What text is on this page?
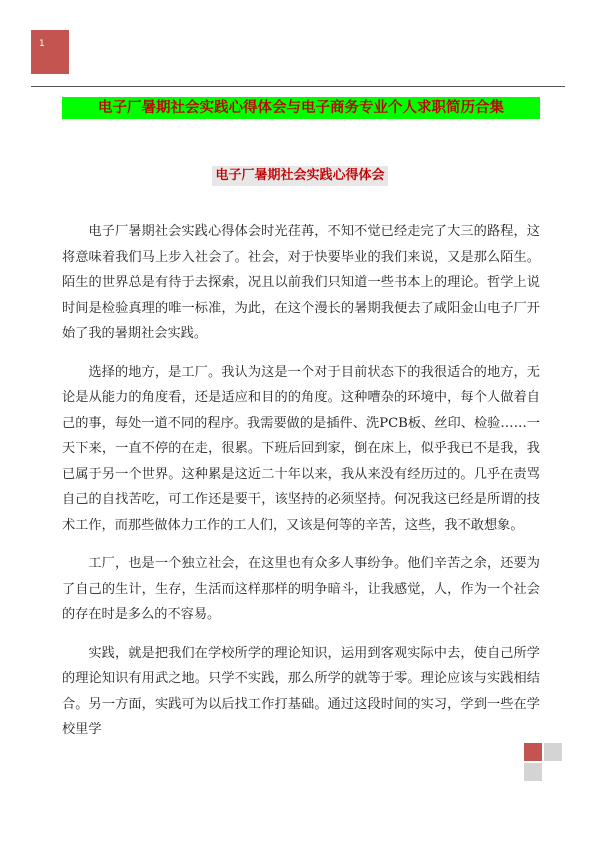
1
电子厂暑期社会实践心得体会与电子商务专业个人求职简历合集
电子厂暑期社会实践心得体会

电子厂暑期社会实践心得体会时光荏苒，不知不觉已经走完了大三的路程，这将意味着我们马上步入社会了。社会，对于快要毕业的我们来说，又是那么陌生。陌生的世界总是有待于去探索，况且以前我们只知道一些书本上的理论。哲学上说时间是检验真理的唯一标准，为此，在这个漫长的暑期我便去了咸阳金山电子厂开始了我的暑期社会实践。

选择的地方，是工厂。我认为这是一个对于目前状态下的我很适合的地方，无论是从能力的角度看，还是适应和目的的角度。这种嘈杂的环境中，每个人做着自己的事，每处一道不同的程序。我需要做的是插件、洗PCB板、丝印、检验……一天下来，一直不停的在走，很累。下班后回到家，倒在床上，似乎我已不是我，我已属于另一个世界。这种累是这近二十年以来，我从来没有经历过的。几乎在责骂自己的自找苦吃，可工作还是要干，该坚持的必须坚持。何况我这已经是所谓的技术工作，而那些做体力工作的工人们，又该是何等的辛苦，这些，我不敢想象。

工厂，也是一个独立社会，在这里也有众多人事纷争。他们辛苦之余，还要为了自己的生计，生存，生活而这样那样的明争暗斗，让我感觉，人，作为一个社会的存在时是多么的不容易。

实践，就是把我们在学校所学的理论知识，运用到客观实际中去，使自己所学的理论知识有用武之地。只学不实践，那么所学的就等于零。理论应该与实践相结合。另一方面，实践可为以后找工作打基础。通过这段时间的实习，学到一些在学校里学
